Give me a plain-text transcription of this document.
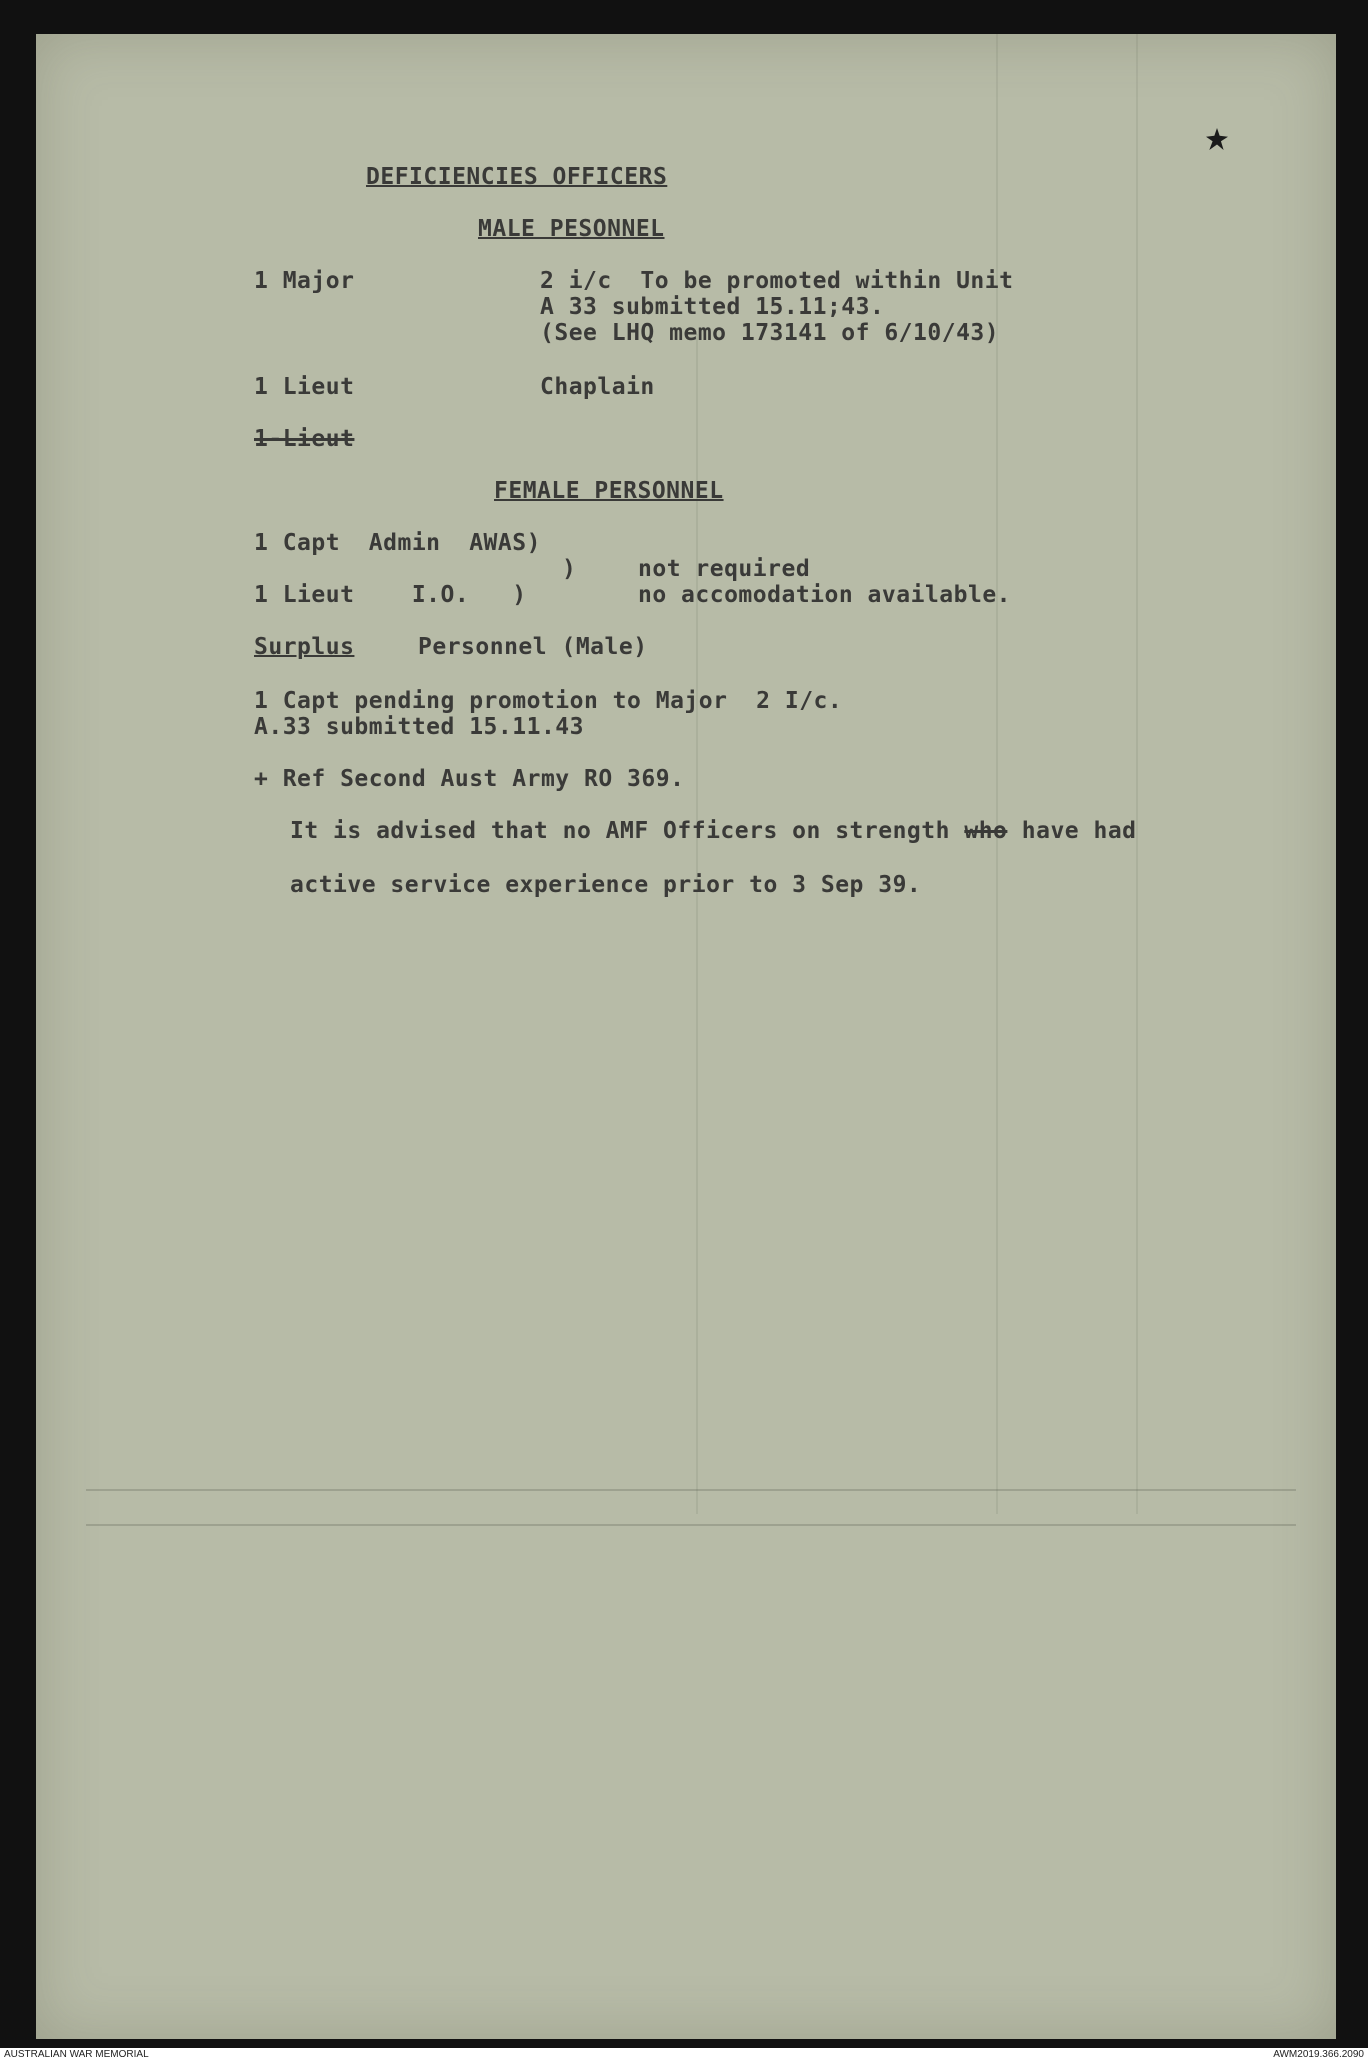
DEFICIENCIES OFFICERS
MALE PESONNEL
1 Major	2 i/c  To be promoted within Unit
A 33 submitted 15.11;43.
(See LHQ memo 173141 of 6/10/43)
1 Lieut	Chaplain
1-Lieut
FEMALE PERSONNEL
1 Capt  Admin  AWAS)
)	not required
1 Lieut    I.O.   )	no accomodation available.
Surplus	Personnel (Male)
1 Capt pending promotion to Major  2 I/c.
A.33 submitted 15.11.43
+ Ref Second Aust Army RO 369.
It is advised that no AMF Officers on strength who have had
active service experience prior to 3 Sep 39.
AUSTRALIAN WAR MEMORIAL	AWM2019.366.2090
